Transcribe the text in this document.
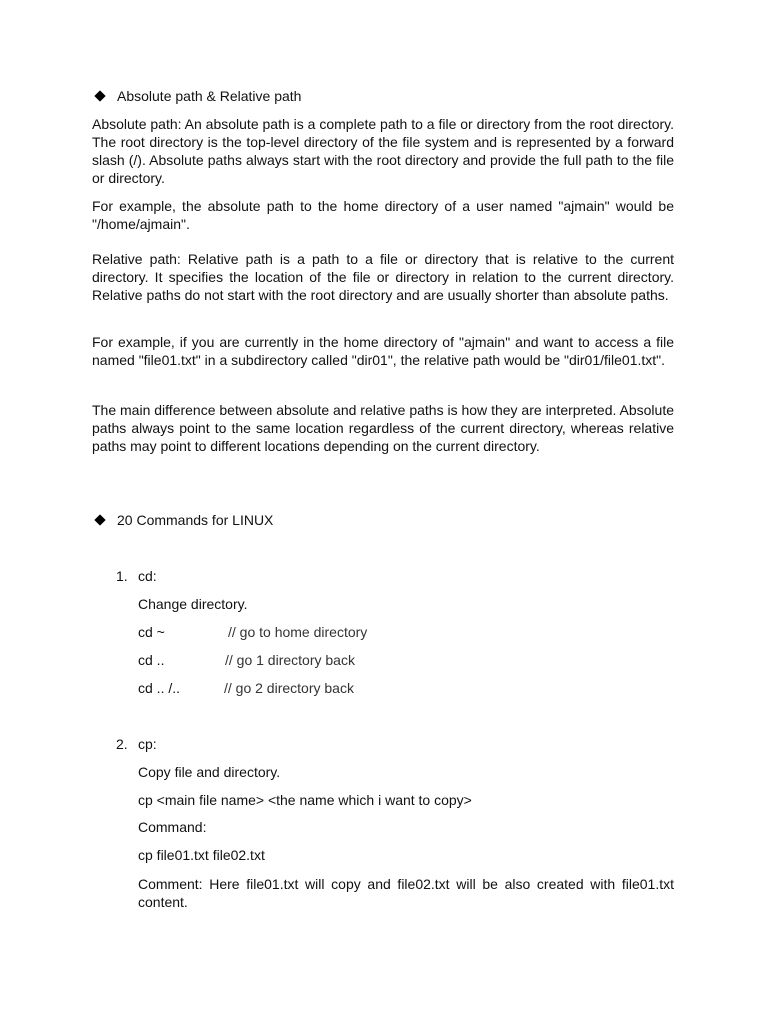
Absolute path & Relative path
Absolute path: An absolute path is a complete path to a file or directory from the root directory. The root directory is the top-level directory of the file system and is represented by a forward slash (/). Absolute paths always start with the root directory and provide the full path to the file or directory.
For example, the absolute path to the home directory of a user named "ajmain" would be "/home/ajmain".
Relative path: Relative path is a path to a file or directory that is relative to the current directory. It specifies the location of the file or directory in relation to the current directory. Relative paths do not start with the root directory and are usually shorter than absolute paths.
For example, if you are currently in the home directory of "ajmain" and want to access a file named "file01.txt" in a subdirectory called "dir01", the relative path would be "dir01/file01.txt".
The main difference between absolute and relative paths is how they are interpreted. Absolute paths always point to the same location regardless of the current directory, whereas relative paths may point to different locations depending on the current directory.
20 Commands for LINUX
1. cd:
Change directory.
cd ~	// go to home directory
cd ..	// go 1 directory back
cd .. /..	// go 2 directory back
2. cp:
Copy file and directory.
cp <main file name> <the name which i want to copy>
Command:
cp file01.txt file02.txt
Comment: Here file01.txt will copy and file02.txt will be also created with file01.txt content.
